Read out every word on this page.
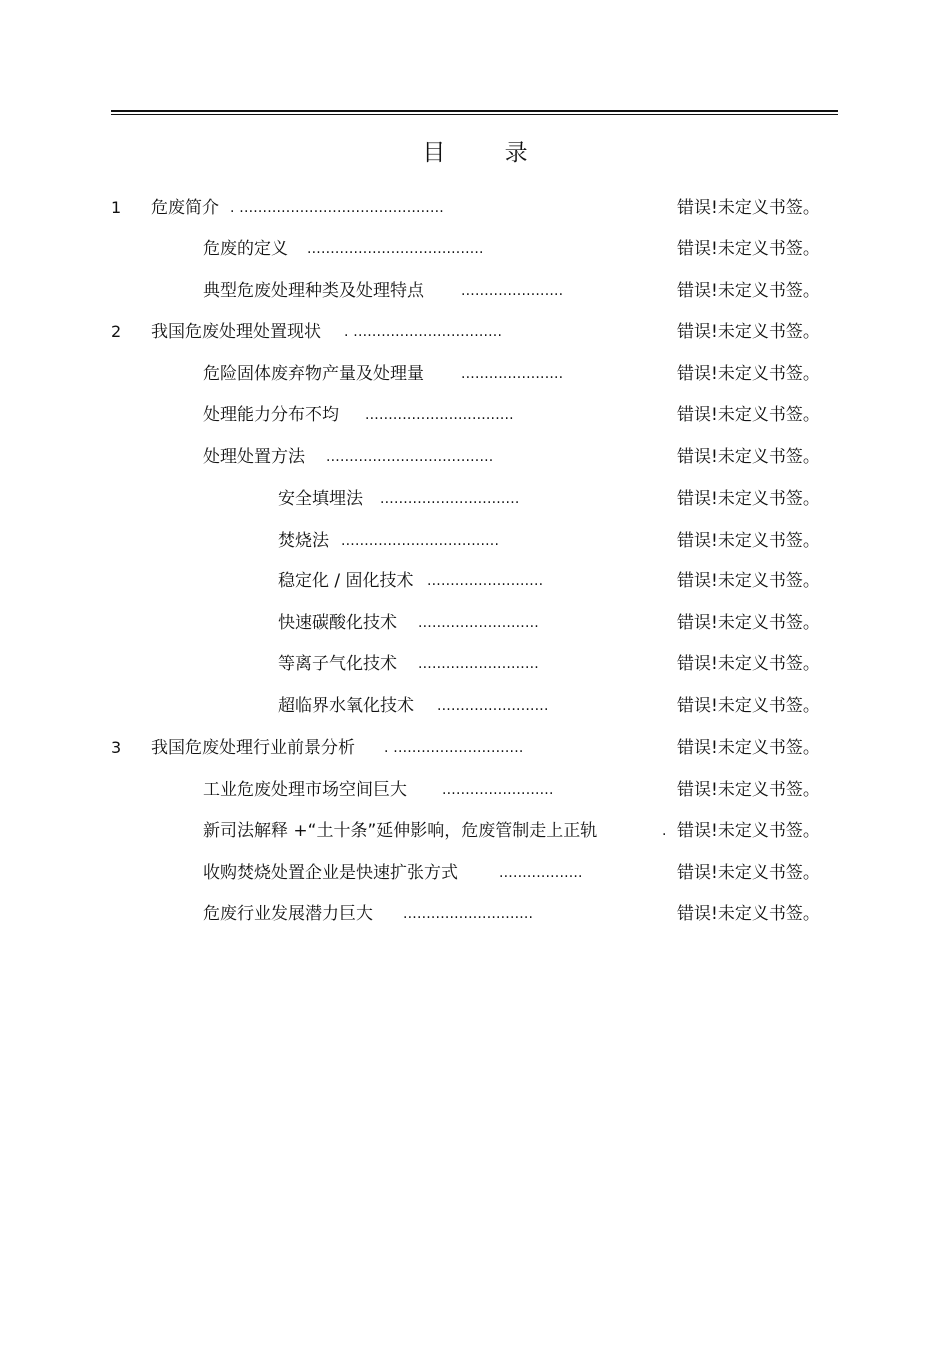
目 录
1 危废简介 . ............................................	错误!未定义书签。
危废的定义 ......................................	错误!未定义书签。
典型危废处理种类及处理特点	......................	错误!未定义书签。
2 我国危废处理处置现状 . ................................	错误!未定义书签。
危险固体废弃物产量及处理量	......................	错误!未定义书签。
处理能力分布不均 ................................	错误!未定义书签。
处理处置方法 ....................................	错误!未定义书签。
安全填埋法 ..............................	错误!未定义书签。
焚烧法 ..................................	错误!未定义书签。
稳定化 / 固化技术 .........................	错误!未定义书签。
快速碳酸化技术 ..........................	错误!未定义书签。
等离子气化技术 ..........................	错误!未定义书签。
超临界水氧化技术 ........................	错误!未定义书签。
3 我国危废处理行业前景分析 . ............................	错误!未定义书签。
工业危废处理市场空间巨大	........................	错误!未定义书签。
新司法解释 +“土十条”延伸影响，危废管制走上正轨	. 错误!未定义书签。
收购焚烧处置企业是快速扩张方式	..................	错误!未定义书签。
危废行业发展潜力巨大 ............................	错误!未定义书签。
